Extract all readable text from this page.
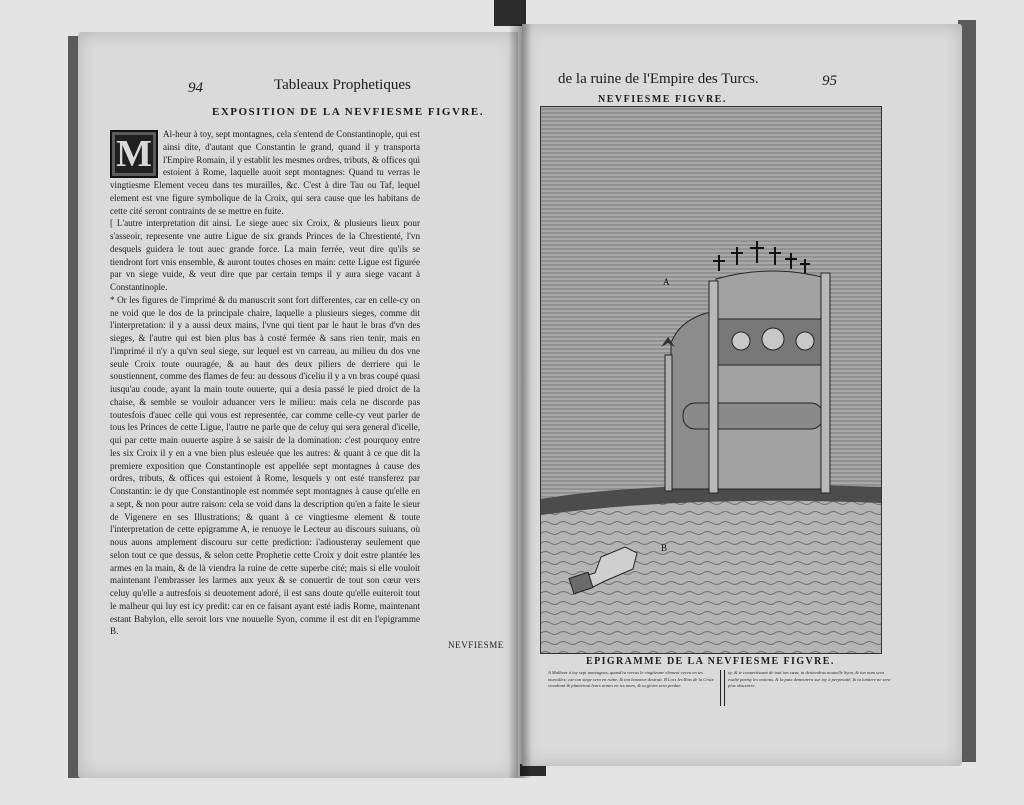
94	Tableaux Prophetiques
EXPOSITION DE LA NEVFIESME FIGVRE.

M	Al-heur à toy, sept montagnes, cela s'entend de Constantinople, qui est ainsi dite, d'autant que Constantin le grand, quand il y transporta l'Empire Romain, il y establit les mesmes ordres, tributs, & offices qui estoient à Rome, laquelle auoit sept montagnes: Quand tu verras le vingtiesme Element veceu dans tes murailles, &c. C'est à dire Tau ou Taf, lequel element est vne figure symbolique de la Croix, qui sera cause que les habitans de cette cité seront contraints de se mettre en fuite.

[ L'autre interpretation dit ainsi. Le siege auec six Croix, & plusieurs lieux pour s'asseoir, represente vne autre Ligue de six grands Princes de la Chrestienté, l'vn desquels guidera le tout auec grande force. La main ferrée, veut dire qu'ils se tiendront fort vnis ensemble, & auront toutes choses en main: cette Ligue est figurée par vn siege vuide, & veut dire que par certain temps il y aura siege vacant à Constantinople.

* Or les figures de l'imprimé & du manuscrit sont fort differentes, car en celle-cy on ne void que le dos de la principale chaire, laquelle a plusieurs sieges, comme dit l'interpretation: il y a aussi deux mains, l'vne qui tient par le haut le bras d'vn des sieges, & l'autre qui est bien plus bas à costé fermée & sans rien tenir, mais en l'imprimé il n'y a qu'vn seul siege, sur lequel est vn carreau, au milieu du dos vne seule Croix toute ouuragée, & au haut des deux piliers de derriere qui le soustiennent, comme des flames de feu: au dessous d'iceliu il y a vn bras coupé quasi iusqu'au coude, ayant la main toute ouuerte, qui a desia passé le pied droict de la chaise, & semble se vouloir aduancer vers le milieu: mais cela ne discorde pas toutesfois d'auec celle qui vous est representée, car comme celle-cy veut parler de tous les Princes de cette Ligue, l'autre ne parle que de celuy qui sera general d'icelle, qui par cette main ouuerte aspire à se saisir de la domination: c'est pourquoy entre les six Croix il y en a vne bien plus esleuée que les autres: & quant à ce que dit la premiere exposition que Constantinople est appellée sept montagnes à cause des ordres, tributs, & offices qui estoient à Rome, lesquels y ont esté transferez par Constantin: ie dy que Constantinople est nommée sept montagnes à cause qu'elle en a sept, & non pour autre raison: cela se void dans la description qu'en a faite le sieur de Vigenere en ses Illustrations; & quant à ce vingtiesme element & toute l'interpretation de cette epigramme A, ie renuoye le Lecteur au discours suiuans, où nous auons amplement discouru sur cette prediction: i'adiousteray seulement que selon tout ce que dessus, & selon cette Prophetie cette Croix y doit estre plantée les armes en la main, & de là viendra la ruine de cette superbe cité; mais si elle vouloit maintenant l'embrasser les larmes aux yeux & se conuertir de tout son cœur vers celuy qu'elle a autresfois si deuotement adoré, il est sans doute qu'elle euiteroit tout le malheur qui luy est icy predit: car en ce faisant ayant esté iadis Rome, maintenant estant Babylon, elle seroit lors vne nouuelle Syon, comme il est dit en l'epigramme B.

NEVFIESME
de la ruine de l'Empire des Turcs.	95
NEVFIESME FIGVRE.
A
B
EPIGRAMME DE LA NEVFIESME FIGVRE.
A Malheur à toy sept montagnes, quand tu verras le vingtiesme element veceu en tes murailles; car ton siege sera en ruine, & ton honneur destruit. B Lors les Rois de la Croix viendront & planteront leurs armes en tes murs, & ta gloire sera perdue.
sy, & te conuertissant de tout ton cœur, tu deuiendras nouuelle Syon, & ton nom sera exalté parmy les nations, & la paix demeurera sur toy à perpetuité, & ta lumiere ne sera plus obscurcie.
